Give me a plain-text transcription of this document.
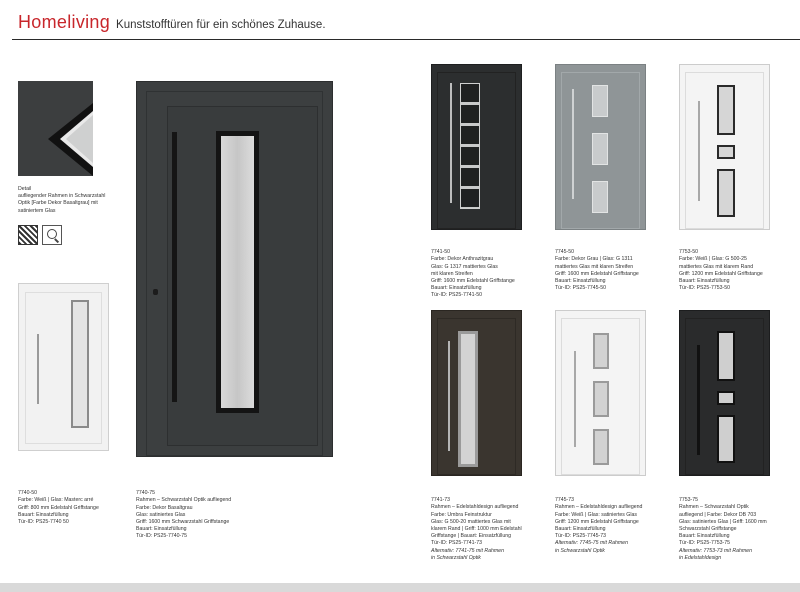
Homeliving Kunststofftüren für ein schönes Zuhause.
Detail
aufliegender Rahmen in Schwarzstahl Optik [Farbe Dekor Basaltgrau] mit satiniertem Glas

7740-50
Farbe: Weiß | Glas: Masterc arré
Griff: 800 mm Edelstahl Griffstange
Bauart: Einsatzfüllung
Tür-ID: PS25-7740 50

7740-75
Rahmen – Schwarzstahl Optik aufliegend
Farbe: Dekor Basaltgrau
Glas: satiniertes Glas
Griff: 1600 mm Schwarzstahl Griffstange
Bauart: Einsatzfüllung
Tür-ID: PS25-7740-75

7741-50
Farbe: Dekor Anthrazitgrau
Glas: G 1317 mattiertes Glas
mit klaren Streifen
Griff: 1600 mm Edelstahl Griffstange
Bauart: Einsatzfüllung
Tür-ID: PS25-7741-50

7745-50
Farbe: Dekor Grau | Glas: G 1311
mattiertes Glas mit klaren Streifen
Griff: 1600 mm Edelstahl Griffstange
Bauart: Einsatzfüllung
Tür-ID: PS25-7745-50

7753-50
Farbe: Weiß | Glas: G 500-25
mattiertes Glas mit klarem Rand
Griff: 1200 mm Edelstahl Griffstange
Bauart: Einsatzfüllung
Tür-ID: PS25-7753-50

7741-73
Rahmen – Edelstahldesign aufliegend
Farbe: Umbra Feinstruktur
Glas: G 500-20 mattiertes Glas mit
klarem Rand | Griff: 1000 mm Edelstahl
Griffstange | Bauart: Einsatzfüllung
Tür-ID: PS25-7741-73

Alternativ: 7741-75 mit Rahmen
in Schwarzstahl Optik

7745-73
Rahmen – Edelstahldesign aufliegend
Farbe: Weiß | Glas: satiniertes Glas
Griff: 1200 mm Edelstahl Griffstange
Bauart: Einsatzfüllung
Tür-ID: PS25-7745-73

Alternativ: 7745-75 mit Rahmen
in Schwarzstahl Optik

7753-75
Rahmen – Schwarzstahl Optik
aufliegend | Farbe: Dekor DB 703
Glas: satiniertes Glas | Griff: 1600 mm
Schwarzstahl Griffstange
Bauart: Einsatzfüllung
Tür-ID: PS25-7753-75

Alternativ: 7753-73 mit Rahmen
in Edelstahldesign
